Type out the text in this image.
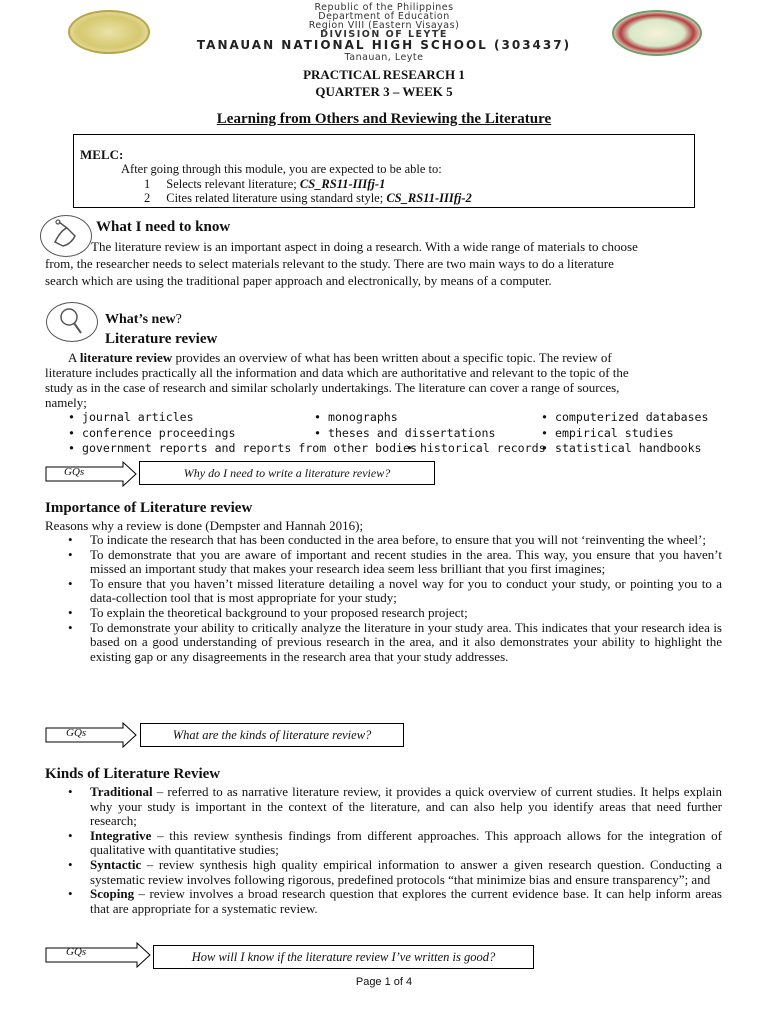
Republic of the Philippines
Department of Education
Region VIII (Eastern Visayas)
DIVISION OF LEYTE
TANAUAN NATIONAL HIGH SCHOOL (303437)
Tanauan, Leyte
PRACTICAL RESEARCH 1
QUARTER 3 – WEEK 5
Learning from Others and Reviewing the Literature
MELC:
After going through this module, you are expected to be able to:
1 Selects relevant literature; CS_RS11-IIIfj-1
2 Cites related literature using standard style; CS_RS11-IIIfj-2
What I need to know
The literature review is an important aspect in doing a research. With a wide range of materials to choose
from, the researcher needs to select materials relevant to the study. There are two main ways to do a literature
search which are using the traditional paper approach and electronically, by means of a computer.
What’s new?
Literature review
A literature review provides an overview of what has been written about a specific topic. The review of
literature includes practically all the information and data which are authoritative and relevant to the topic of the
study as in the case of research and similar scholarly undertakings. The literature can cover a range of sources,
namely;
• journal articles
• conference proceedings
• government reports and reports from other bodies
• monographs
• theses and dissertations
• historical records
• computerized databases
• empirical studies
• statistical handbooks
GQs	Why do I need to write a literature review?
Importance of Literature review
Reasons why a review is done (Dempster and Hannah 2016);
• To indicate the research that has been conducted in the area before, to ensure that you will not ‘reinventing the wheel’;
• To demonstrate that you are aware of important and recent studies in the area. This way, you ensure that you haven’t missed an important study that makes your research idea seem less brilliant that you first imagines;
• To ensure that you haven’t missed literature detailing a novel way for you to conduct your study, or pointing you to a data-collection tool that is most appropriate for your study;
• To explain the theoretical background to your proposed research project;
• To demonstrate your ability to critically analyze the literature in your study area. This indicates that your research idea is based on a good understanding of previous research in the area, and it also demonstrates your ability to highlight the existing gap or any disagreements in the research area that your study addresses.
GQs	What are the kinds of literature review?
Kinds of Literature Review
• Traditional – referred to as narrative literature review, it provides a quick overview of current studies. It helps explain why your study is important in the context of the literature, and can also help you identify areas that need further research;
• Integrative – this review synthesis findings from different approaches. This approach allows for the integration of qualitative with quantitative studies;
• Syntactic – review synthesis high quality empirical information to answer a given research question. Conducting a systematic review involves following rigorous, predefined protocols “that minimize bias and ensure transparency”; and
• Scoping – review involves a broad research question that explores the current evidence base. It can help inform areas that are appropriate for a systematic review.
GQs	How will I know if the literature review I’ve written is good?
Page 1 of 4
